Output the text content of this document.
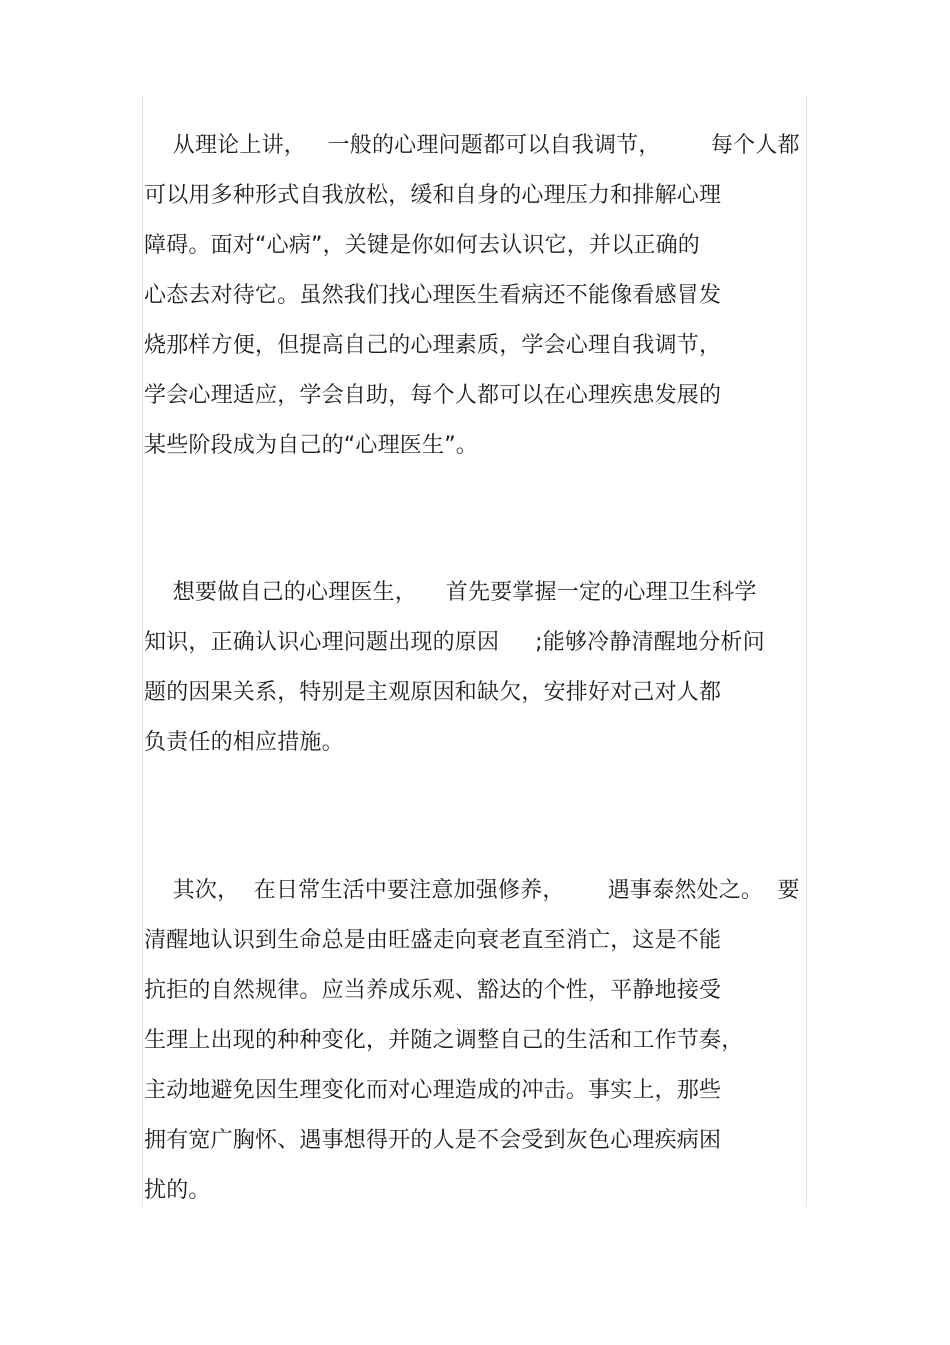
从理论上讲，   一般的心理问题都可以自我调节，       每个人都
可以用多种形式自我放松，缓和自身的心理压力和排解心理
障碍。面对“心病”，关键是你如何去认识它，并以正确的
心态去对待它。虽然我们找心理医生看病还不能像看感冒发
烧那样方便，但提高自己的心理素质，学会心理自我调节，
学会心理适应，学会自助，每个人都可以在心理疾患发展的
某些阶段成为自己的“心理医生”。
想要做自己的心理医生，    首先要掌握一定的心理卫生科学
知识，正确认识心理问题出现的原因     ;能够冷静清醒地分析问
题的因果关系，特别是主观原因和缺欠，安排好对己对人都
负责任的相应措施。
其次，  在日常生活中要注意加强修养，      遇事泰然处之。  要
清醒地认识到生命总是由旺盛走向衰老直至消亡，这是不能
抗拒的自然规律。应当养成乐观、豁达的个性，平静地接受
生理上出现的种种变化，并随之调整自己的生活和工作节奏，
主动地避免因生理变化而对心理造成的冲击。事实上，那些
拥有宽广胸怀、遇事想得开的人是不会受到灰色心理疾病困
扰的。
